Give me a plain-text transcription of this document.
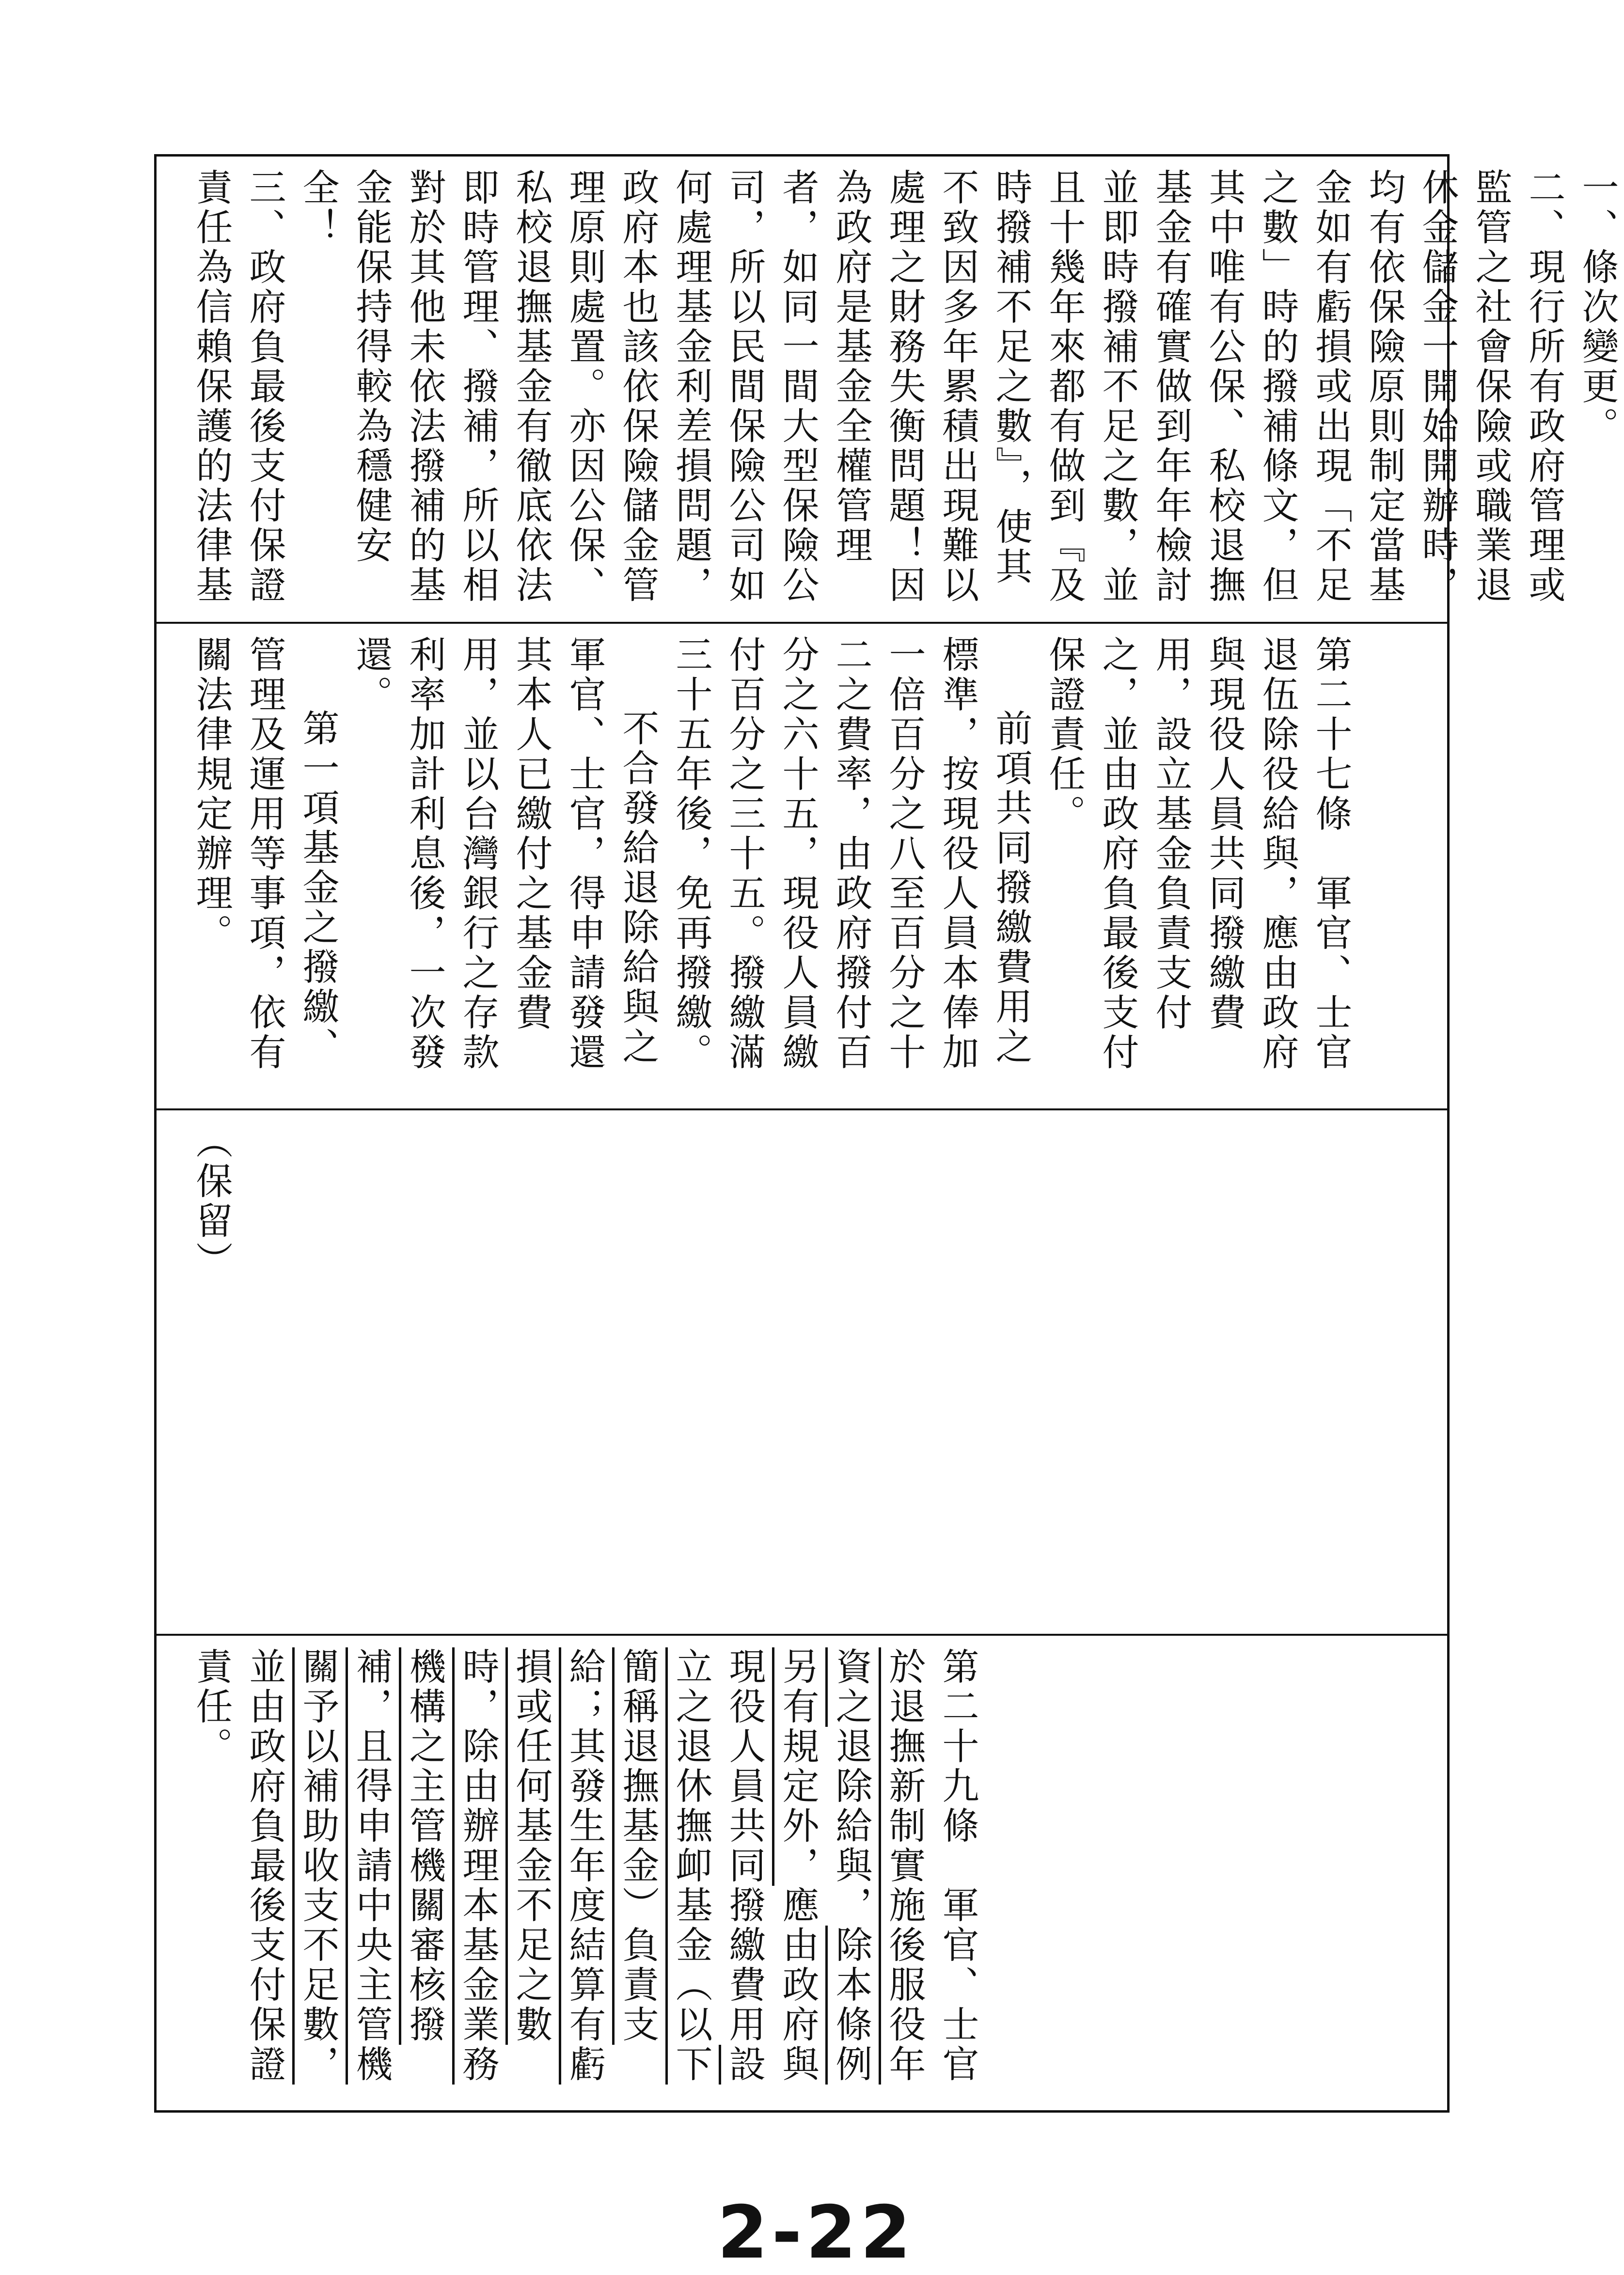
一、條次變更。
二、現行所有政府管理或監管之社會保險或職業退休金儲金一開始開辦時，均有依保險原則制定當基金如有虧損或出現「不足之數」時的撥補條文，但其中唯有公保、私校退撫基金有確實做到年年檢討並即時撥補不足之數，並且十幾年來都有做到『及時撥補不足之數』，使其不致因多年累積出現難以處理之財務失衡問題！因為政府是基金全權管理者，如同一間大型保險公司，所以民間保險公司如何處理基金利差損問題，政府本也該依保險儲金管理原則處置。亦因公保、私校退撫基金有徹底依法即時管理、撥補，所以相對於其他未依法撥補的基金能保持得較為穩健安全！
三、政府負最後支付保證責任為信賴保護的法律基
第二十七條　軍官、士官退伍除役給與，應由政府與現役人員共同撥繳費用，設立基金負責支付之，並由政府負最後支付保證責任。
前項共同撥繳費用之標準，按現役人員本俸加一倍百分之八至百分之十二之費率，由政府撥付百分之六十五，現役人員繳付百分之三十五。撥繳滿三十五年後，免再撥繳。
不合發給退除給與之軍官、士官，得申請發還其本人已繳付之基金費用，並以台灣銀行之存款利率加計利息後，一次發還。
第一項基金之撥繳、管理及運用等事項，依有關法律規定辦理。
（保留）
第二十九條　軍官、士官於退撫新制實施後服役年資之退除給與，除本條例另有規定外，應由政府與現役人員共同撥繳費用設立之退休撫卹基金（以下簡稱退撫基金）負責支給；其發生年度結算有虧損或任何基金不足之數時，除由辦理本基金業務機構之主管機關審核撥補，且得申請中央主管機關予以補助收支不足數，並由政府負最後支付保證責任。
2-22
